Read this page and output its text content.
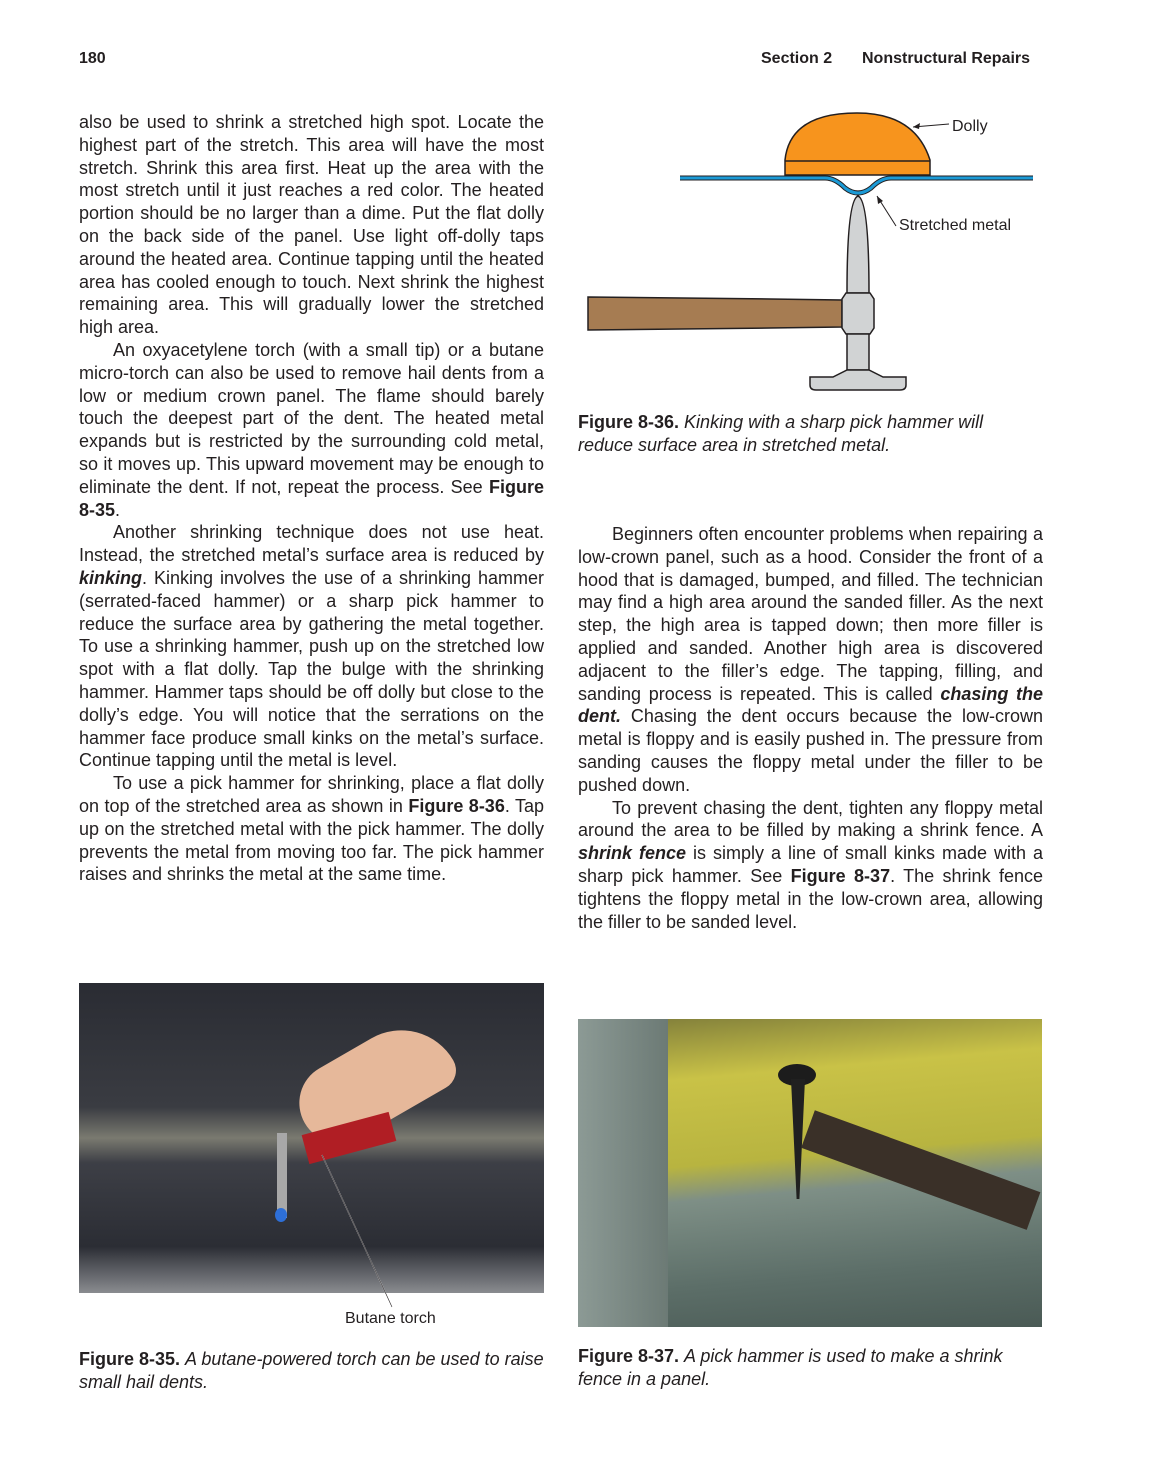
180	Section 2 Nonstructural Repairs

also be used to shrink a stretched high spot. Locate the highest part of the stretch. This area will have the most stretch. Shrink this area first. Heat up the area with the most stretch until it just reaches a red color. The heated portion should be no larger than a dime. Put the flat dolly on the back side of the panel. Use light off-dolly taps around the heated area. Continue tapping until the heated area has cooled enough to touch. Next shrink the highest remaining area. This will gradually lower the stretched high area.

An oxyacetylene torch (with a small tip) or a butane micro-torch can also be used to remove hail dents from a low or medium crown panel. The flame should barely touch the deepest part of the dent. The heated metal expands but is restricted by the surrounding cold metal, so it moves up. This upward movement may be enough to eliminate the dent. If not, repeat the process. See Figure 8-35.

Another shrinking technique does not use heat. Instead, the stretched metal’s surface area is reduced by kinking. Kinking involves the use of a shrinking hammer (serrated-faced hammer) or a sharp pick hammer to reduce the surface area by gathering the metal together. To use a shrinking hammer, push up on the stretched low spot with a flat dolly. Tap the bulge with the shrinking hammer. Hammer taps should be off dolly but close to the dolly’s edge. You will notice that the serrations on the hammer face produce small kinks on the metal’s surface. Continue tapping until the metal is level.

To use a pick hammer for shrinking, place a flat dolly on top of the stretched area as shown in Figure 8-36. Tap up on the stretched metal with the pick hammer. The dolly prevents the metal from moving too far. The pick hammer raises and shrinks the metal at the same time.

Beginners often encounter problems when repairing a low-crown panel, such as a hood. Consider the front of a hood that is damaged, bumped, and filled. The technician may find a high area around the sanded filler. As the next step, the high area is tapped down; then more filler is applied and sanded. Another high area is discovered adjacent to the filler’s edge. The tapping, filling, and sanding process is repeated. This is called chasing the dent. Chasing the dent occurs because the low-crown metal is floppy and is easily pushed in. The pressure from sanding causes the floppy metal under the filler to be pushed down.

To prevent chasing the dent, tighten any floppy metal around the area to be filled by making a shrink fence. A shrink fence is simply a line of small kinks made with a sharp pick hammer. See Figure 8-37. The shrink fence tightens the floppy metal in the low-crown area, allowing the filler to be sanded level.

Dolly
Stretched metal
Figure 8-36. Kinking with a sharp pick hammer will reduce surface area in stretched metal.
Butane torch
Figure 8-35. A butane-powered torch can be used to raise small hail dents.
Figure 8-37. A pick hammer is used to make a shrink fence in a panel.
